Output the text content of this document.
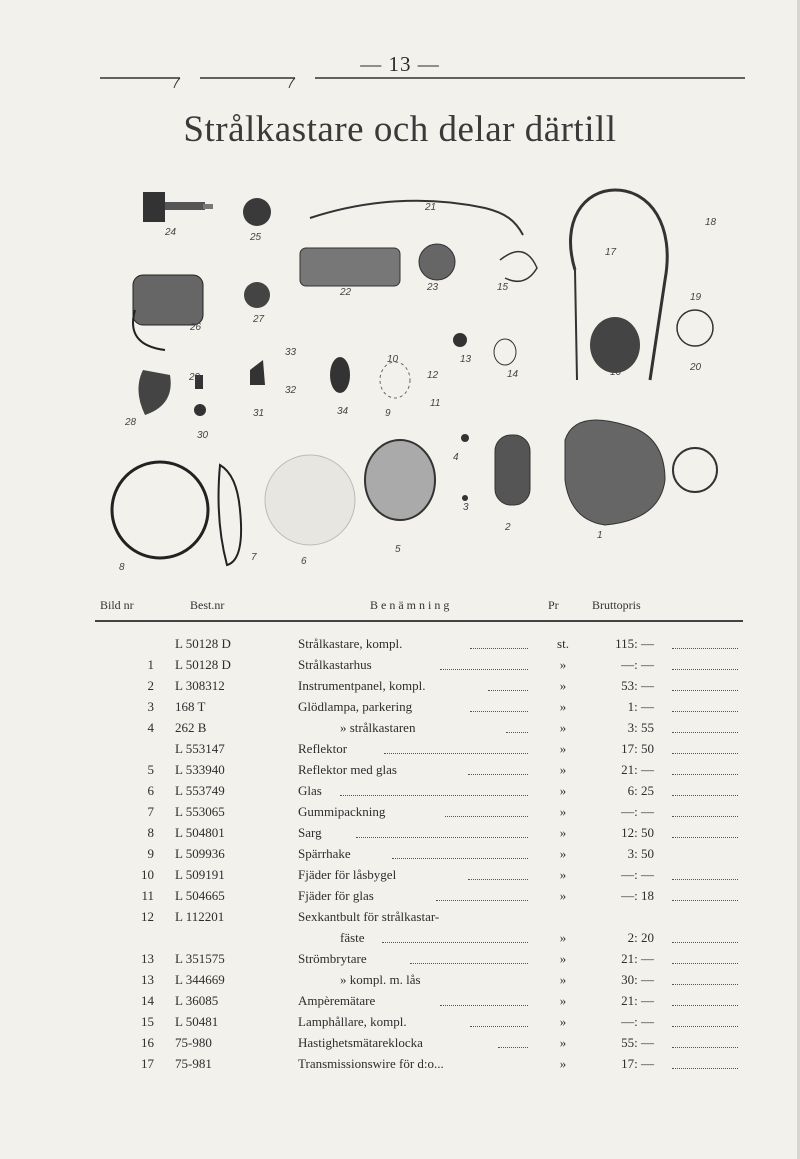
— 13 —
Strålkastare och delar därtill
24	25
21
18
17
19
20
22	23	15
16
26
27
33
10	13
14
12
28
29
31
32
34	9
11
30
4
3
2
1
8
7	6
5
Bild nr	Best.nr	B e n ä m n i n g	Pr	Bruttopris
L 50128 D	Strålkastare, kompl.	st.	115: —
1 L 50128 D	Strålkastarhus	»	—: —
2 L 308312	Instrumentpanel, kompl.	»	53: —
3 168 T	Glödlampa, parkering	»	1: —
4 262 B	» strålkastaren	»	3: 55
L 553147	Reflektor	»	17: 50
5 L 533940	Reflektor med glas	»	21: —
6 L 553749	Glas	»	6: 25
7 L 553065	Gummipackning	»	—: —
8 L 504801	Sarg	»	12: 50
9 L 509936	Spärrhake	»	3: 50
10 L 509191	Fjäder för låsbygel	»	—: —
11 L 504665	Fjäder för glas	»	—: 18
12 L 112201	Sexkantbult för strålkastar-
fäste	»	2: 20
13 L 351575	Strömbrytare	»	21: —
13 L 344669	» kompl. m. lås	»	30: —
14 L 36085	Ampèremätare	»	21: —
15 L 50481	Lamphållare, kompl.	»	—: —
16 75-980	Hastighetsmätareklocka	»	55: —
17 75-981	Transmissionswire för d:o...	»	17: —
